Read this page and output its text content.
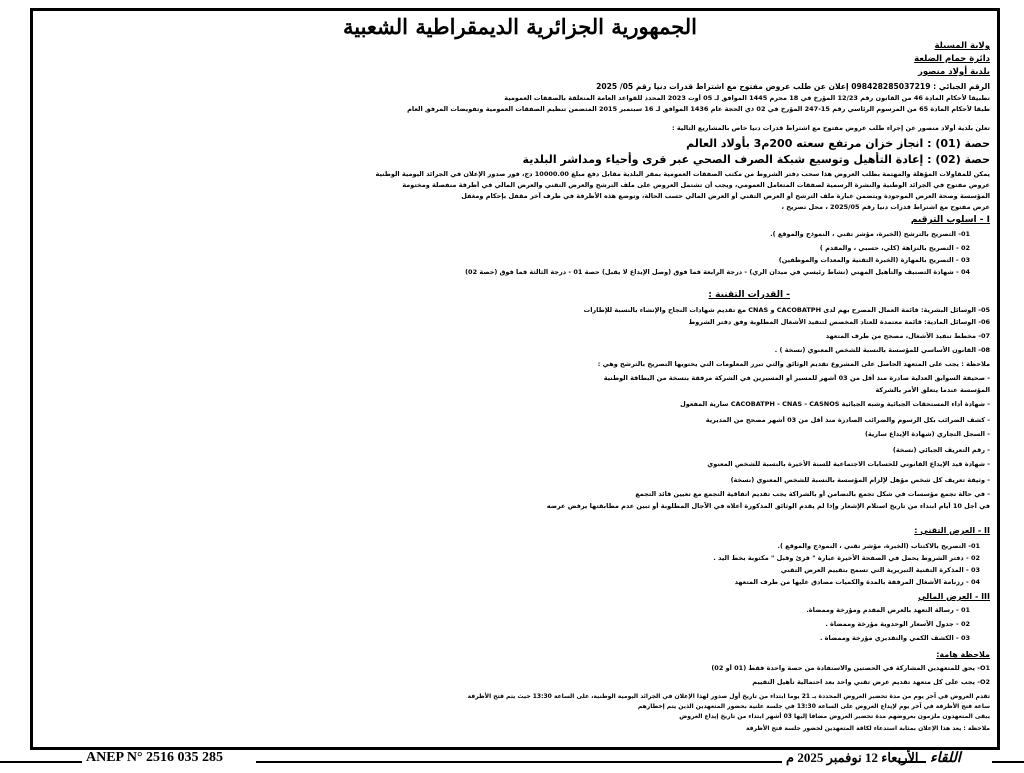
الجمهورية الجزائرية الديمقراطية الشعبية
ولاية المسيلة
دائرة حمام الضلعة
بلدية أولاد منصور
الرقم الجبائي : 098428285037219 إعلان عن طلب عروض مفتوح مع اشتراط قدرات دنيا رقم 05/ 2025
تطبيقا لأحكام المادة 46 من القانون رقم 12/23 المؤرخ في 18 محرم 1445 الموافق لـ 05 أوت 2023 المحدد للقواعد العامة المتعلقة بالصفقات العمومية
طبقا لأحكام المادة 65 من المرسوم الرئاسي رقم 15-247 المؤرخ في 02 ذي الحجة عام 1436 الموافق لـ 16 سبتمبر 2015 المتضمن تنظيم الصفقات العمومية وتفويضات المرفق العام
تعلن بلدية أولاد منصور عن إجراء طلب عروض مفتوح مع اشتراط قدرات دنيا خاص بالمشاريع التالية :
حصة (01) : انجاز خزان مرتفع سعته 200م3 بأولاد العالم
حصة (02) : إعادة التأهيل وتوسيع شبكة الصرف الصحي عبر قرى وأحياء ومداشر البلدية
يمكن للمقاولات المؤهلة والمهتمة بطلب العروض هذا سحب دفتر الشروط من مكتب الصفقات العمومية بمقر البلدية مقابل دفع مبلغ 10000.00 دج، فور صدور الإعلان في الجرائد اليومية الوطنية
عروض مفتوح في الجرائد الوطنية والنشرة الرسمية لصفقات المتعامل العمومي، ويجب أن تشتمل العروض على ملف الترشح والعرض التقني والعرض المالي في أظرفة منفصلة ومختومة
المؤسسة وصحة العرض الموجودة ويتضمن عبارة ملف الترشح أو العرض التقني أو العرض المالي حسب الحالة، وتوضع هذه الأظرفة في ظرف آخر مقفل بإحكام ومغفل
عرض مفتوح مع اشتراط قدرات دنيا رقم 2025/05 ، محل تصريح ،
I - أسلوب الترقيم
01- التصريح بالترشح (الخبرة، مؤشر تقني ، النموذج والموقع ).
02 - التصريح بالنزاهة (كلي، حسبي ، والمقدم )
03 - التصريح بالمهارة (الخبرة التقنية والمعدات والموظفين)
04 - شهادة التصنيف والتأهيل المهني (نشاط رئيسي في ميدان الري) - درجة الرابعة فما فوق (وصل الإيداع لا يقبل) حصة 01 - درجة الثالثة فما فوق (حصة 02)
- القدرات التقنية :
05- الوسائل البشرية: قائمة العمال المصرح بهم لدى CACOBATPH و CNAS مع تقديم شهادات النجاح والإنشاء بالنسبة للإطارات
06- الوسائل المادية: قائمة معتمدة للعتاد المخصص لتنفيذ الأشغال المطلوبة وفق دفتر الشروط
07- مخطط تنفيذ الأشغال، مصحح من طرف المتعهد
08- القانون الأساسي للمؤسسة بالنسبة للشخص المعنوي (نسخة ) .
ملاحظة : يجب على المتعهد الحاصل على المشروع تقديم الوثائق والتي تبرر المعلومات التي يحتويها التصريح بالترشح وهي :
- صحيفة السوابق العدلية صادرة منذ أقل من 03 أشهر للمسير أو المسيرين في الشركة مرفقة بنسخة من البطاقة الوطنية
المؤسسة عندما يتعلق الأمر بالشركة
- شهادة أداء المستحقات الجبائية وشبه الجبائية CACOBATPH - CNAS - CASNOS سارية المفعول
- كشف الضرائب بكل الرسوم والضرائب الصادرة منذ أقل من 03 أشهر مصحح من المديرية
- السجل التجاري (شهادة الإيداع سارية)
- رقم التعريف الجبائي (نسخة)
- شهادة قيد الإيداع القانوني للحسابات الاجتماعية للسنة الأخيرة بالنسبة للشخص المعنوي
- وثيقة تعريف كل شخص مؤهل لإلزام المؤسسة بالنسبة للشخص المعنوي (نسخة)
- في حالة تجمع مؤسسات في شكل تجمع بالتضامن أو بالشراكة يجب تقديم اتفاقية التجمع مع تعيين قائد التجمع
في أجل 10 أيام ابتداء من تاريخ استلام الإشعار وإذا لم يقدم الوثائق المذكورة أعلاه في الآجال المطلوبة أو تبين عدم مطابقتها يرفض عرضه
II - العرض التقني :
01- التصريح بالاكتتاب (الخبرة، مؤشر تقني ، النموذج والموقع ).
02 - دفتر الشروط يحمل في الصفحة الأخيرة عبارة " قرئ وقبل " مكتوبة بخط اليد .
03 - المذكرة التقنية التبريرية التي تسمح بتقييم العرض التقني
04 - رزنامة الأشغال المرفقة بالمدة والكميات مصادق عليها من طرف المتعهد
III - العرض المالي
01 - رسالة التعهد بالعرض المقدم ومؤرخة وممضاة.
02 - جدول الأسعار الوحدوية مؤرخة وممضاة .
03 - الكشف الكمي والتقديري مؤرخة وممضاة .
ملاحظة هامة:
O1- يحق للمتعهدين المشاركة في الحصتين والاستفادة من حصة واحدة فقط (01 أو 02)
O2- يجب على كل متعهد تقديم عرض تقني واحد بعد احتمالية تأهيل التقييم
تقدم العروض في آخر يوم من مدة تحضير العروض المحددة بـ 21 يوما ابتداء من تاريخ أول صدور لهذا الإعلان في الجرائد اليومية الوطنية، على الساعة 13:30 حيث يتم فتح الأظرفة
ساعة فتح الأظرفة في آخر يوم لإيداع العروض على الساعة 13:30 في جلسة علنية بحضور المتعهدين الذين يتم إخطارهم
يبقى المتعهدون ملزمون بعروضهم مدة تحضير العروض مضافا إليها 03 أشهر ابتداء من تاريخ إيداع العروض
ملاحظة : يعد هذا الإعلان بمثابة استدعاء لكافة المتعهدين لحضور جلسة فتح الأظرفة
ANEP N° 2516 035 285	الأربعاء 12 نوفمبر 2025 م اللقاء
